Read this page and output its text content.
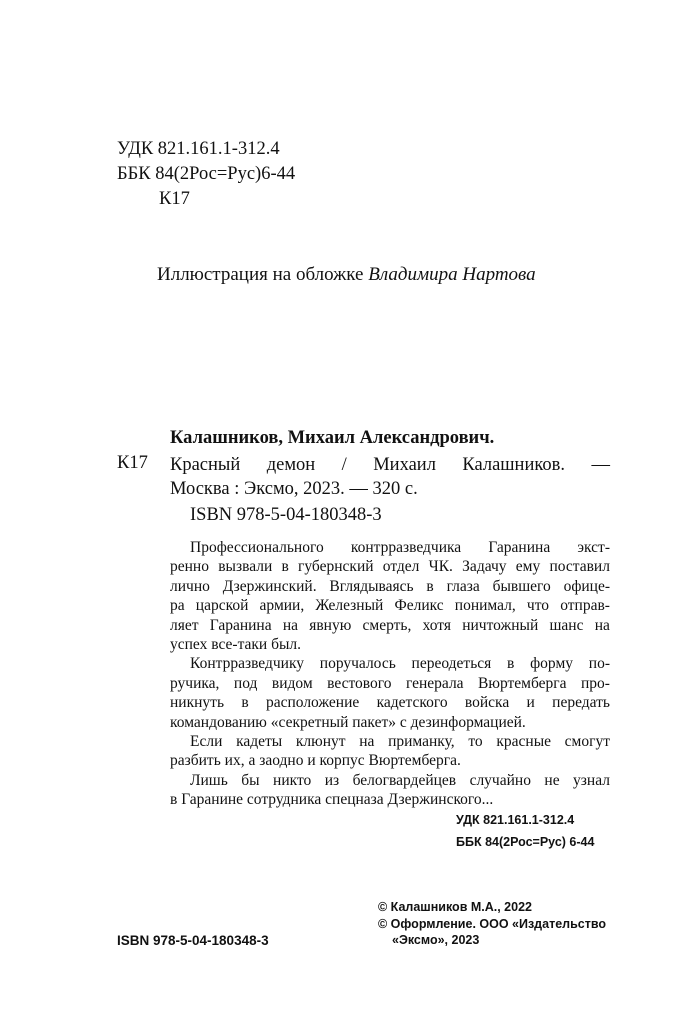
УДК 821.161.1-312.4
ББК 84(2Рос=Рус)6-44
К17
Иллюстрация на обложке Владимира Нартова
Калашников, Михаил Александрович.
К17 Красный демон / Михаил Калашников. —
Москва : Эксмо, 2023. — 320 с.
ISBN 978-5-04-180348-3
Профессионального контрразведчика Гаранина экст-
ренно вызвали в губернский отдел ЧК. Задачу ему поставил
лично Дзержинский. Вглядываясь в глаза бывшего офице-
ра царской армии, Железный Феликс понимал, что отправ-
ляет Гаранина на явную смерть, хотя ничтожный шанс на
успех все-таки был.
Контрразведчику поручалось переодеться в форму по-
ручика, под видом вестового генерала Вюртемберга про-
никнуть в расположение кадетского войска и передать
командованию «секретный пакет» с дезинформацией.
Если кадеты клюнут на приманку, то красные смогут
разбить их, а заодно и корпус Вюртемберга.
Лишь бы никто из белогвардейцев случайно не узнал
в Гаранине сотрудника спецназа Дзержинского...
УДК 821.161.1-312.4
ББК 84(2Рос=Рус) 6-44
ISBN 978-5-04-180348-3
© Калашников М.А., 2022
© Оформление. ООО «Издательство
«Эксмо», 2023
